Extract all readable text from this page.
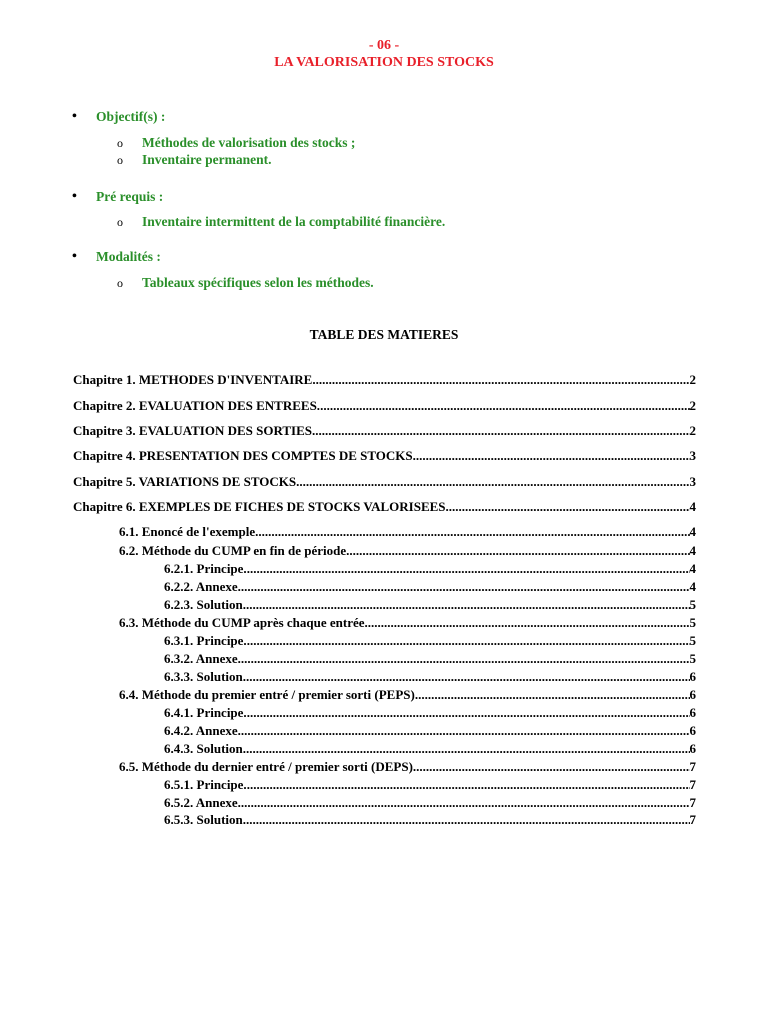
- 06 -
LA VALORISATION DES STOCKS
• Objectif(s) :
o Méthodes de valorisation des stocks ;
o Inventaire permanent.
• Pré requis :
o Inventaire intermittent de la comptabilité financière.
• Modalités :
o Tableaux spécifiques selon les méthodes.
TABLE DES MATIERES
Chapitre 1. METHODES D'INVENTAIRE .....	2
Chapitre 2. EVALUATION DES ENTREES. .....	2
Chapitre 3. EVALUATION DES SORTIES. .....	2
Chapitre 4. PRESENTATION DES COMPTES DE STOCKS. .....	3
Chapitre 5. VARIATIONS DE STOCKS. .....	3
Chapitre 6. EXEMPLES DE FICHES DE STOCKS VALORISEES. .....	4
6.1. Enoncé de l'exemple. .....	4
6.2. Méthode du CUMP en fin de période. .....	4
6.2.1. Principe. .....	4
6.2.2. Annexe. .....	4
6.2.3. Solution. .....	5
6.3. Méthode du CUMP après chaque entrée. .....	5
6.3.1. Principe. .....	5
6.3.2. Annexe. .....	5
6.3.3. Solution. .....	6
6.4. Méthode du premier entré / premier sorti (PEPS) .....	6
6.4.1. Principe. .....	6
6.4.2. Annexe. .....	6
6.4.3. Solution. .....	6
6.5. Méthode du dernier entré / premier sorti (DEPS). .....	7
6.5.1. Principe. .....	7
6.5.2. Annexe. .....	7
6.5.3. Solution. .....	7
